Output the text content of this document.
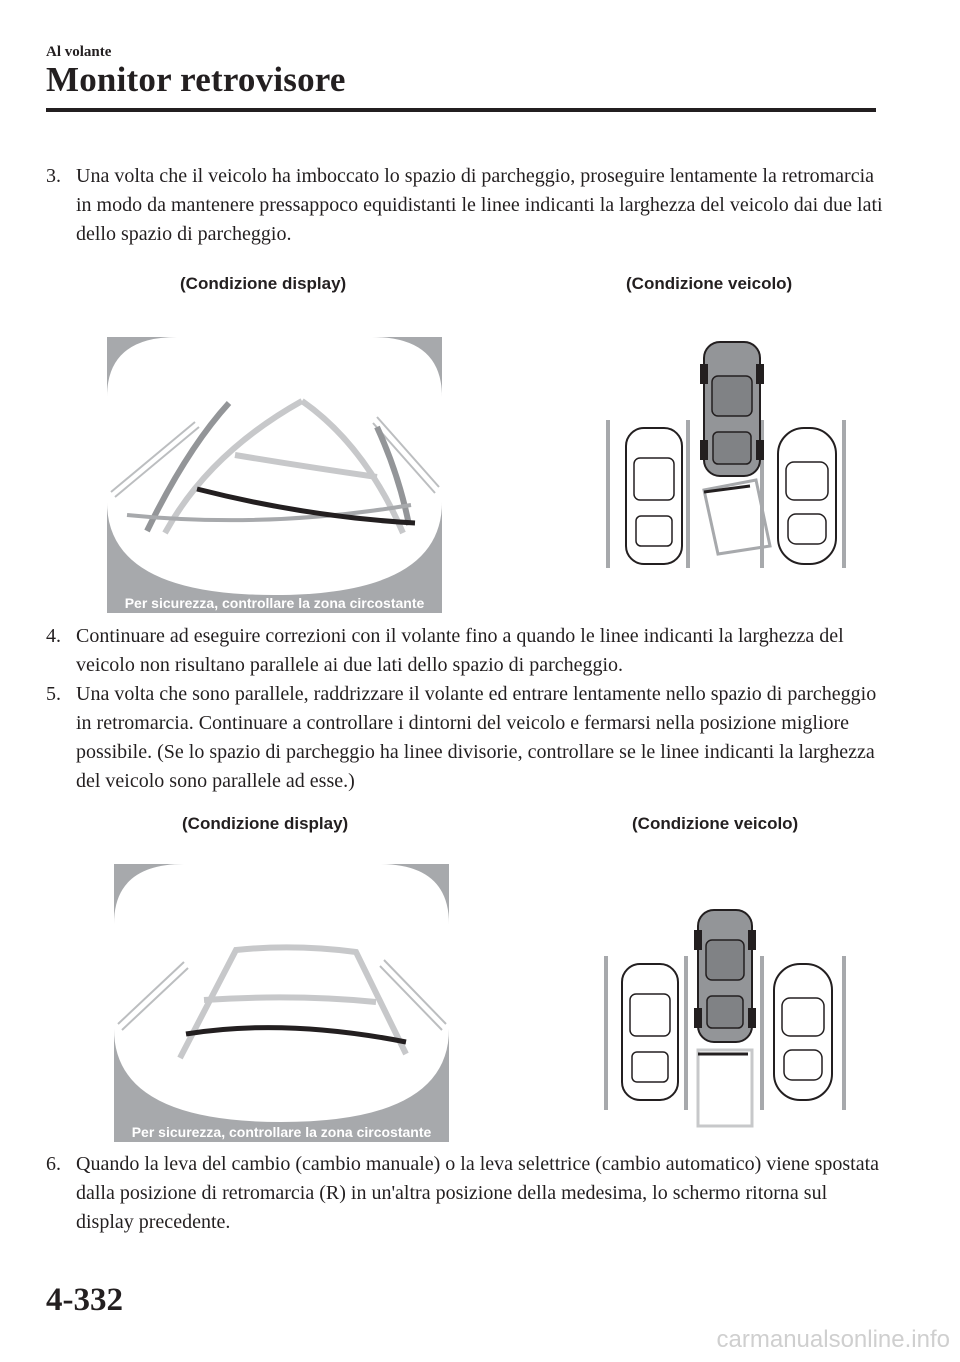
Al volante
Monitor retrovisore
3. Una volta che il veicolo ha imboccato lo spazio di parcheggio, proseguire lentamente la retromarcia in modo da mantenere pressappoco equidistanti le linee indicanti la larghezza del veicolo dai due lati dello spazio di parcheggio.
(Condizione display)	(Condizione veicolo)
Per sicurezza, controllare la zona circostante
4. Continuare ad eseguire correzioni con il volante fino a quando le linee indicanti la larghezza del veicolo non risultano parallele ai due lati dello spazio di parcheggio.
5. Una volta che sono parallele, raddrizzare il volante ed entrare lentamente nello spazio di parcheggio in retromarcia. Continuare a controllare i dintorni del veicolo e fermarsi nella posizione migliore possibile. (Se lo spazio di parcheggio ha linee divisorie, controllare se le linee indicanti la larghezza del veicolo sono parallele ad esse.)
(Condizione display)	(Condizione veicolo)
Per sicurezza, controllare la zona circostante
6. Quando la leva del cambio (cambio manuale) o la leva selettrice (cambio automatico) viene spostata dalla posizione di retromarcia (R) in un'altra posizione della medesima, lo schermo ritorna sul display precedente.
4-332
carmanualsonline.info
